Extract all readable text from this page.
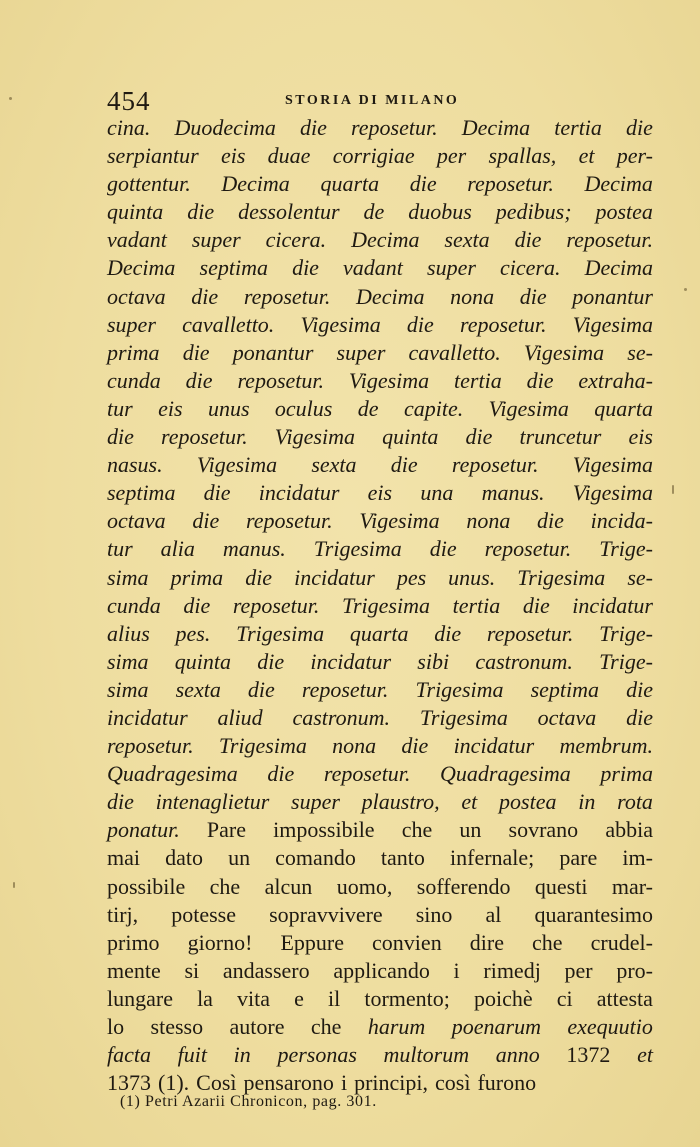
454	STORIA DI MILANO
cina. Duodecima die reposetur. Decima tertia die
serpiantur eis duae corrigiae per spallas, et per-
gottentur. Decima quarta die reposetur. Decima
quinta die dessolentur de duobus pedibus; postea
vadant super cicera. Decima sexta die reposetur.
Decima septima die vadant super cicera. Decima
octava die reposetur. Decima nona die ponantur
super cavalletto. Vigesima die reposetur. Vigesima
prima die ponantur super cavalletto. Vigesima se-
cunda die reposetur. Vigesima tertia die extraha-
tur eis unus oculus de capite. Vigesima quarta
die reposetur. Vigesima quinta die truncetur eis
nasus. Vigesima sexta die reposetur. Vigesima
septima die incidatur eis una manus. Vigesima
octava die reposetur. Vigesima nona die incida-
tur alia manus. Trigesima die reposetur. Trige-
sima prima die incidatur pes unus. Trigesima se-
cunda die reposetur. Trigesima tertia die incidatur
alius pes. Trigesima quarta die reposetur. Trige-
sima quinta die incidatur sibi castronum. Trige-
sima sexta die reposetur. Trigesima septima die
incidatur aliud castronum. Trigesima octava die
reposetur. Trigesima nona die incidatur membrum.
Quadragesima die reposetur. Quadragesima prima
die intenaglietur super plaustro, et postea in rota
ponatur. Pare impossibile che un sovrano abbia
mai dato un comando tanto infernale; pare im-
possibile che alcun uomo, sofferendo questi mar-
tirj, potesse sopravvivere sino al quarantesimo
primo giorno! Eppure convien dire che crudel-
mente si andassero applicando i rimedj per pro-
lungare la vita e il tormento; poichè ci attesta
lo stesso autore che harum poenarum exequutio
facta fuit in personas multorum anno 1372 et
1373 (1). Così pensarono i principi, così furono
(1) Petri Azarii Chronicon, pag. 301.
